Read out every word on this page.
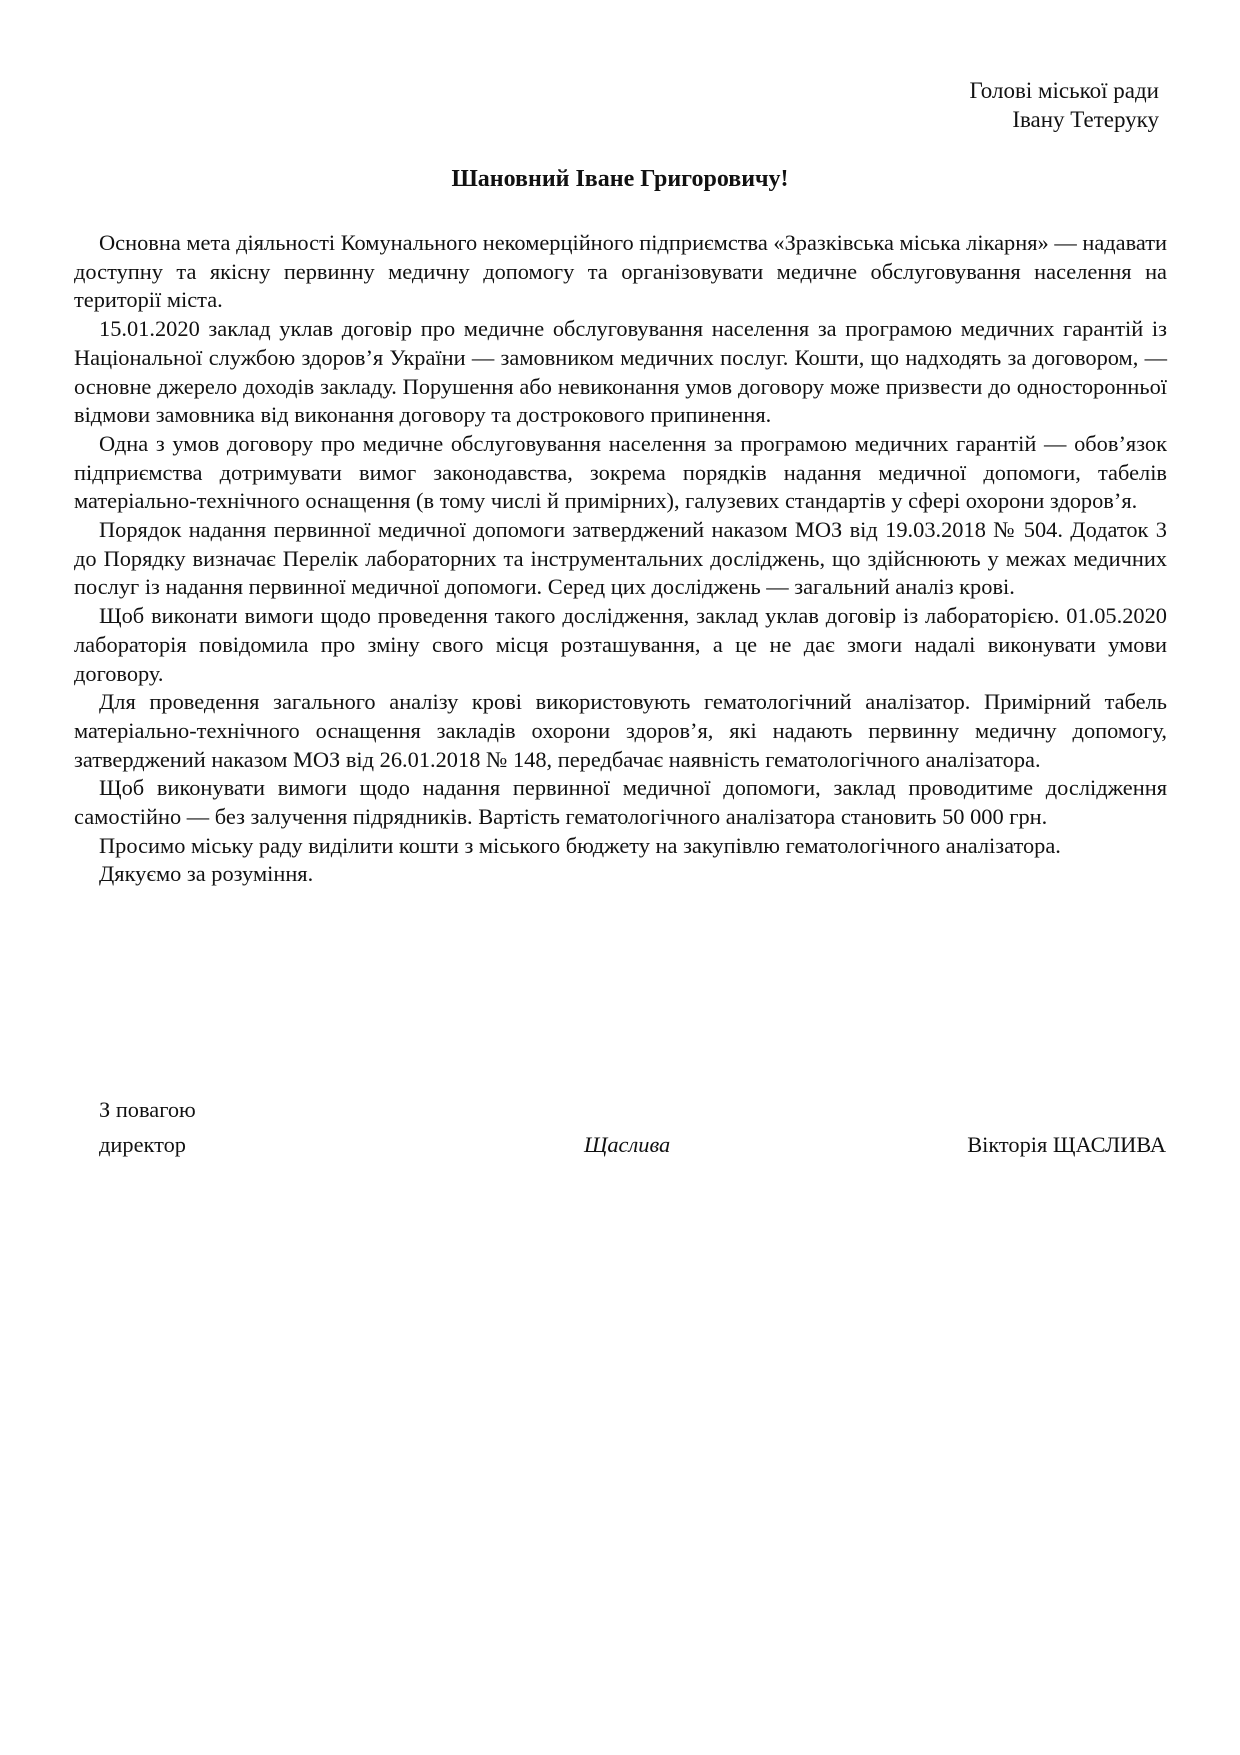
Голові міської ради
Івану Тетеруку
Шановний Іване Григоровичу!

Основна мета діяльності Комунального некомерційного підприємства «Зразківська міська лікарня» — надавати доступну та якісну первинну медичну допомогу та організовувати медичне обслуговування населення на території міста.

15.01.2020 заклад уклав договір про медичне обслуговування населення за програмою медичних гарантій із Національної службою здоров’я України — замовником медичних послуг. Кошти, що надходять за договором, — основне джерело доходів закладу. Порушення або невиконання умов договору може призвести до односторонньої відмови замовника від виконання договору та дострокового припинення.

Одна з умов договору про медичне обслуговування населення за програмою медичних гарантій — обов’язок підприємства дотримувати вимог законодавства, зокрема порядків надання медичної допомоги, табелів матеріально-технічного оснащення (в тому числі й примірних), галузевих стандартів у сфері охорони здоров’я.

Порядок надання первинної медичної допомоги затверджений наказом МОЗ від 19.03.2018 № 504. Додаток 3 до Порядку визначає Перелік лабораторних та інструментальних досліджень, що здійснюють у межах медичних послуг із надання первинної медичної допомоги. Серед цих досліджень — загальний аналіз крові.

Щоб виконати вимоги щодо проведення такого дослідження, заклад уклав договір із лабораторією. 01.05.2020 лабораторія повідомила про зміну свого місця розташування, а це не дає змоги надалі виконувати умови договору.

Для проведення загального аналізу крові використовують гематологічний аналізатор. Примірний табель матеріально-технічного оснащення закладів охорони здоров’я, які надають первинну медичну допомогу, затверджений наказом МОЗ від 26.01.2018 № 148, передбачає наявність гематологічного аналізатора.

Щоб виконувати вимоги щодо надання первинної медичної допомоги, заклад проводитиме дослідження самостійно — без залучення підрядників. Вартість гематологічного аналізатора становить 50 000 грн.

Просимо міську раду виділити кошти з міського бюджету на закупівлю гематологічного аналізатора.

Дякуємо за розуміння.

З повагою
директор	Щаслива	Вікторія ЩАСЛИВА
